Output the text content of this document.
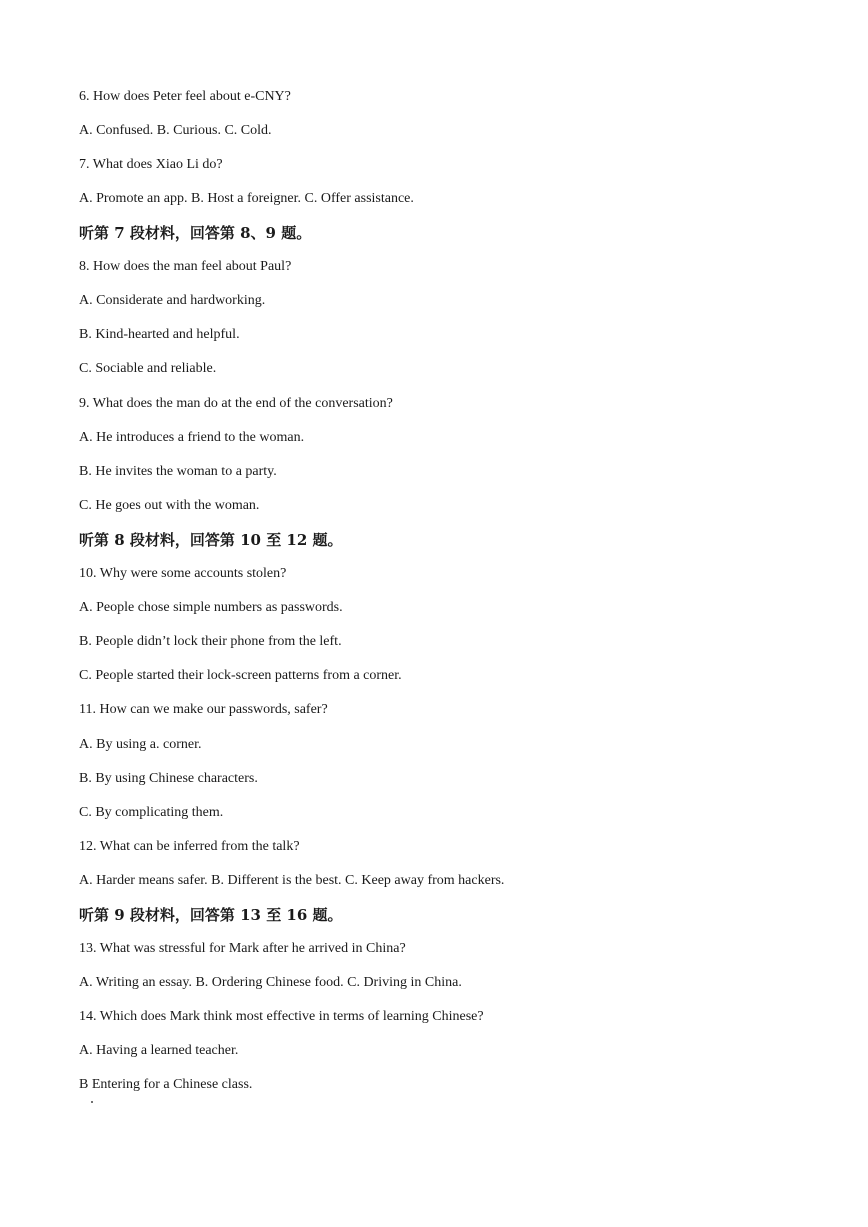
6. How does Peter feel about e-CNY?
A. Confused. B. Curious. C. Cold.
7. What does Xiao Li do?
A. Promote an app. B. Host a foreigner. C. Offer assistance.
听第 7 段材料，回答第 8、9 题。
8. How does the man feel about Paul?
A. Considerate and hardworking.
B. Kind-hearted and helpful.
C. Sociable and reliable.
9. What does the man do at the end of the conversation?
A. He introduces a friend to the woman.
B. He invites the woman to a party.
C. He goes out with the woman.
听第 8 段材料，回答第 10 至 12 题。
10. Why were some accounts stolen?
A. People chose simple numbers as passwords.
B. People didn’t lock their phone from the left.
C. People started their lock-screen patterns from a corner.
11. How can we make our passwords, safer?
A. By using a. corner.
B. By using Chinese characters.
C. By complicating them.
12. What can be inferred from the talk?
A. Harder means safer. B. Different is the best. C. Keep away from hackers.
听第 9 段材料，回答第 13 至 16 题。
13. What was stressful for Mark after he arrived in China?
A. Writing an essay. B. Ordering Chinese food. C. Driving in China.
14. Which does Mark think most effective in terms of learning Chinese?
A. Having a learned teacher.
B Entering for a Chinese class.
